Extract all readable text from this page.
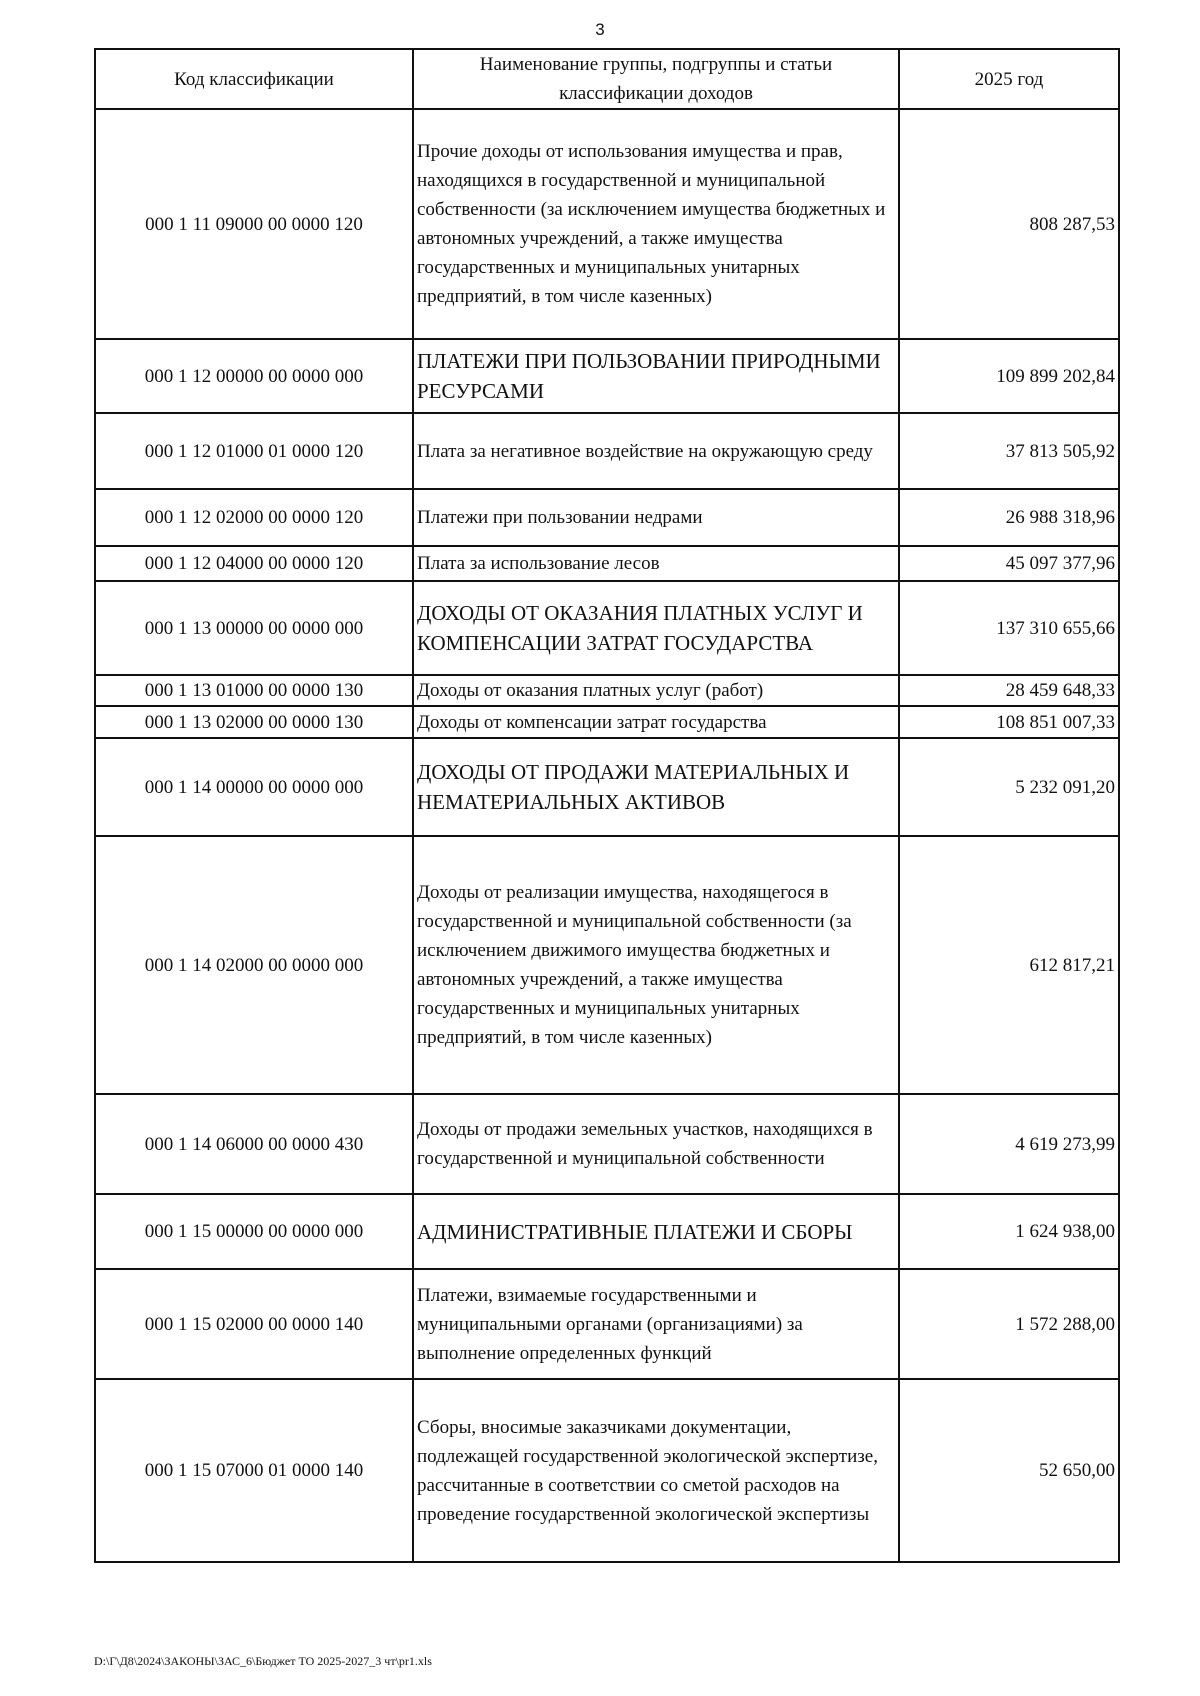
3
Код классификации	Наименование группы, подгруппы и статьи классификации доходов	2025 год
000 1 11 09000 00 0000 120	Прочие доходы от использования имущества и прав, находящихся в государственной и муниципальной собственности (за исключением имущества бюджетных и автономных учреждений, а также имущества государственных и муниципальных унитарных предприятий, в том числе казенных)	808 287,53
000 1 12 00000 00 0000 000	ПЛАТЕЖИ ПРИ ПОЛЬЗОВАНИИ ПРИРОДНЫМИ РЕСУРСАМИ	109 899 202,84
000 1 12 01000 01 0000 120	Плата за негативное воздействие на окружающую среду	37 813 505,92
000 1 12 02000 00 0000 120	Платежи при пользовании недрами	26 988 318,96
000 1 12 04000 00 0000 120	Плата за использование лесов	45 097 377,96
000 1 13 00000 00 0000 000	ДОХОДЫ ОТ ОКАЗАНИЯ ПЛАТНЫХ УСЛУГ И КОМПЕНСАЦИИ ЗАТРАТ ГОСУДАРСТВА	137 310 655,66
000 1 13 01000 00 0000 130	Доходы от оказания платных услуг (работ)	28 459 648,33
000 1 13 02000 00 0000 130	Доходы от компенсации затрат государства	108 851 007,33
000 1 14 00000 00 0000 000	ДОХОДЫ ОТ ПРОДАЖИ МАТЕРИАЛЬНЫХ И НЕМАТЕРИАЛЬНЫХ АКТИВОВ	5 232 091,20
000 1 14 02000 00 0000 000	Доходы от реализации имущества, находящегося в государственной и муниципальной собственности (за исключением движимого имущества бюджетных и автономных учреждений, а также имущества государственных и муниципальных унитарных предприятий, в том числе казенных)	612 817,21
000 1 14 06000 00 0000 430	Доходы от продажи земельных участков, находящихся в государственной и муниципальной собственности	4 619 273,99
000 1 15 00000 00 0000 000	АДМИНИСТРАТИВНЫЕ ПЛАТЕЖИ И СБОРЫ	1 624 938,00
000 1 15 02000 00 0000 140	Платежи, взимаемые государственными и муниципальными органами (организациями) за выполнение определенных функций	1 572 288,00
000 1 15 07000 01 0000 140	Сборы, вносимые заказчиками документации, подлежащей государственной экологической экспертизе, рассчитанные в соответствии со сметой расходов на проведение государственной экологической экспертизы	52 650,00
D:\Г\Д8\2024\ЗАКОНЫ\ЗАС_6\Бюджет ТО 2025-2027_3 чт\pr1.xls
